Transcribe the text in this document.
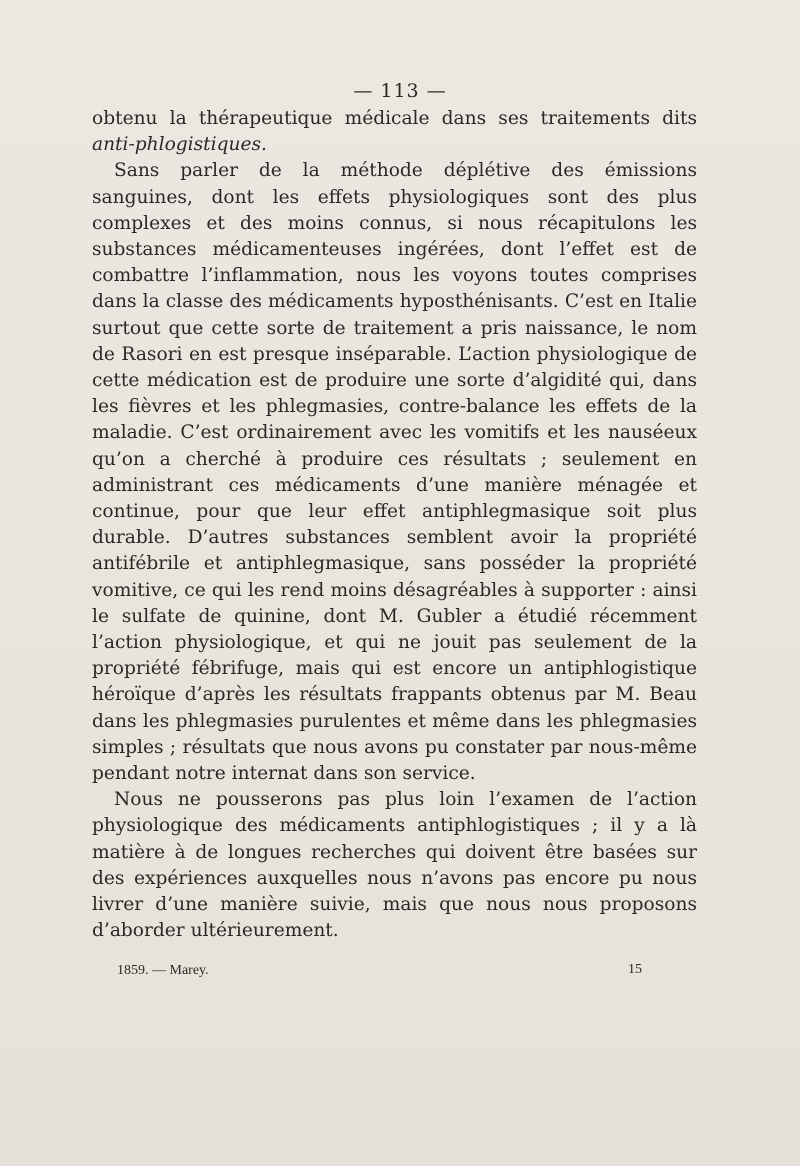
— 113 —

obtenu la thérapeutique médicale dans ses traitements dits anti-phlogistiques.

Sans parler de la méthode déplétive des émissions sanguines, dont les effets physiologiques sont des plus complexes et des moins connus, si nous récapitulons les substances médicamenteuses ingérées, dont l’effet est de combattre l’inflammation, nous les voyons toutes comprises dans la classe des médicaments hyposthénisants. C’est en Italie surtout que cette sorte de traitement a pris naissance, le nom de Rasori en est presque inséparable. L’action physiologique de cette médication est de produire une sorte d’algidité qui, dans les fièvres et les phlegmasies, contre-balance les effets de la maladie. C’est ordinairement avec les vomitifs et les nauséeux qu’on a cherché à produire ces résultats ; seulement en administrant ces médicaments d’une manière ménagée et continue, pour que leur effet antiphlegmasique soit plus durable. D’autres substances semblent avoir la propriété antifébrile et antiphlegmasique, sans posséder la propriété vomitive, ce qui les rend moins désagréables à supporter : ainsi le sulfate de quinine, dont M. Gubler a étudié récemment l’action physiologique, et qui ne jouit pas seulement de la propriété fébrifuge, mais qui est encore un antiphlogistique héroïque d’après les résultats frappants obtenus par M. Beau dans les phlegmasies purulentes et même dans les phlegmasies simples ; résultats que nous avons pu constater par nous-même pendant notre internat dans son service.

Nous ne pousserons pas plus loin l’examen de l’action physiologique des médicaments antiphlogistiques ; il y a là matière à de longues recherches qui doivent être basées sur des expériences auxquelles nous n’avons pas encore pu nous livrer d’une manière suivie, mais que nous nous proposons d’aborder ultérieurement.

1859. — Marey.	15
